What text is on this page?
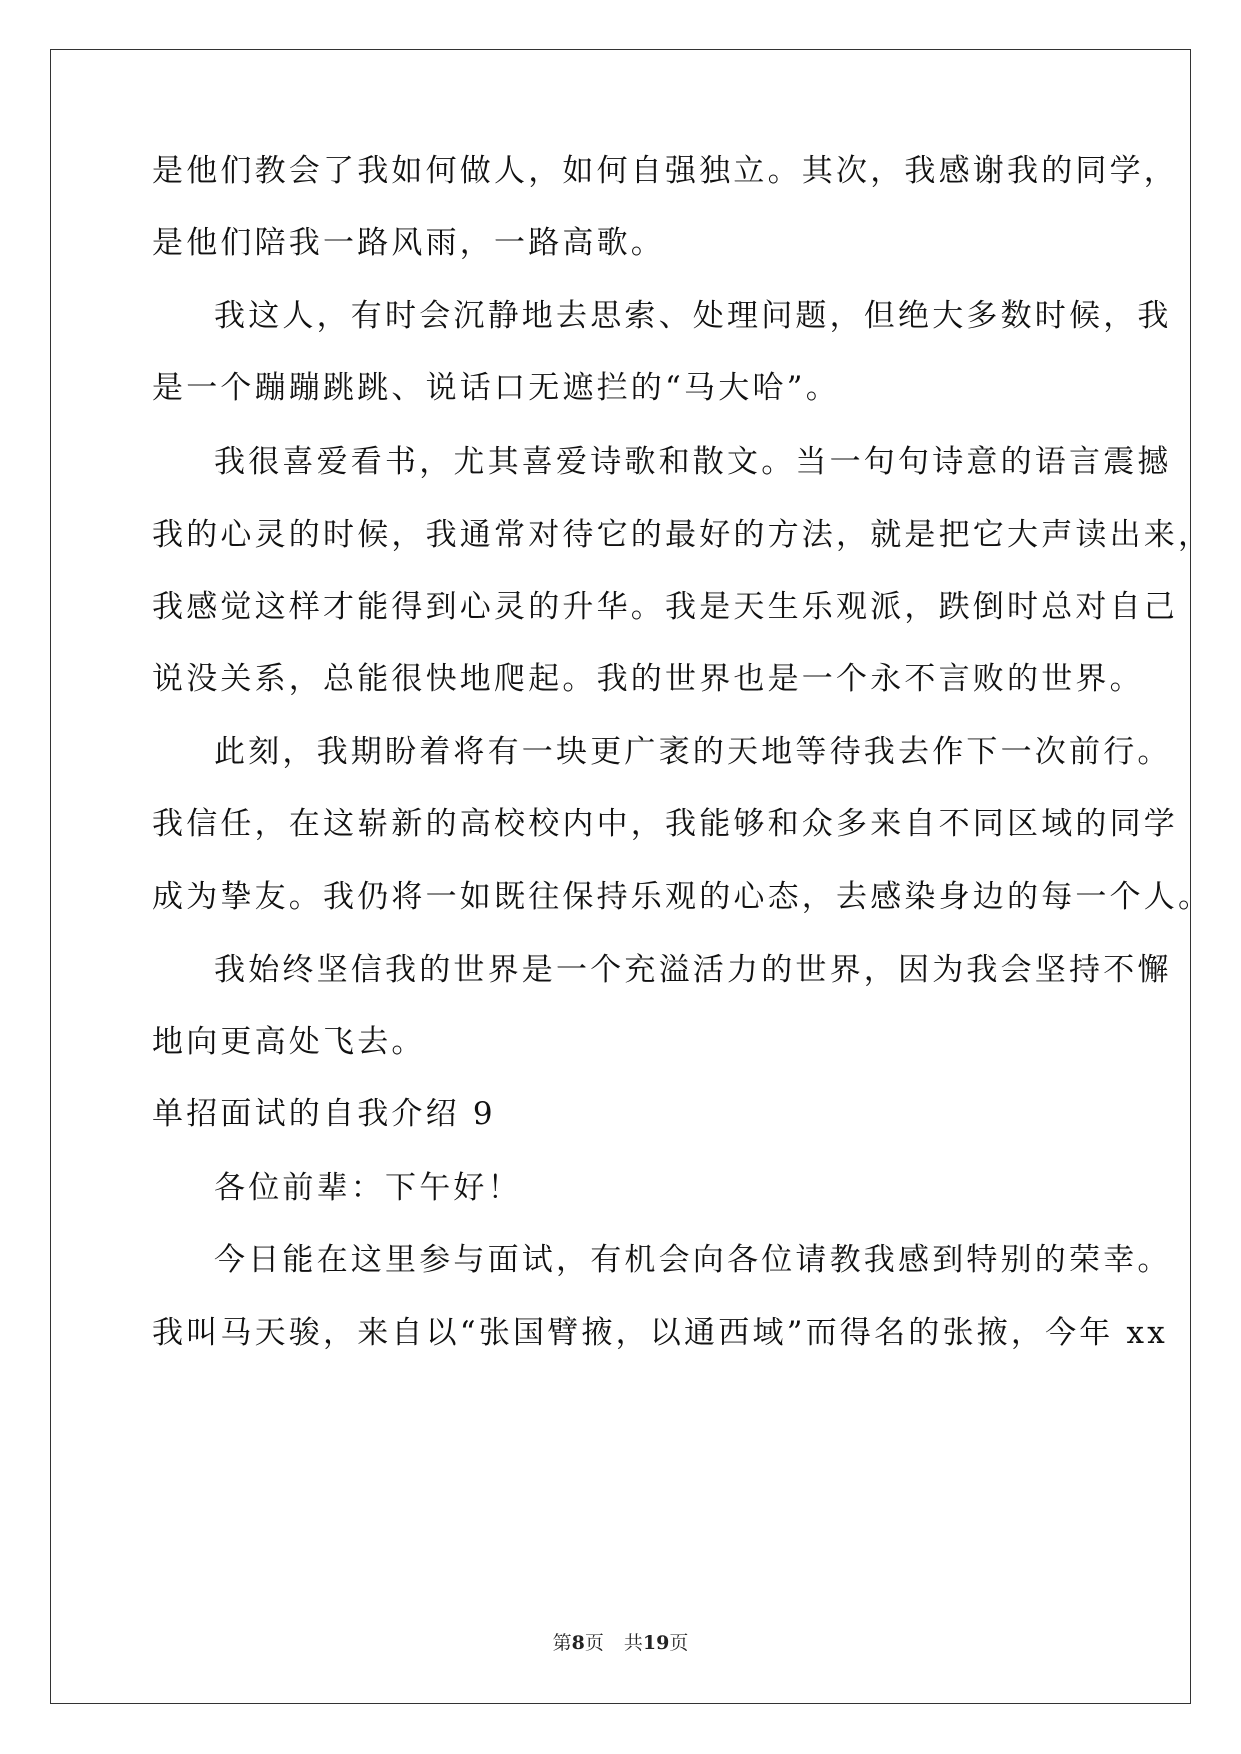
是他们教会了我如何做人，如何自强独立。其次，我感谢我的同学，
是他们陪我一路风雨，一路高歌。
我这人，有时会沉静地去思索、处理问题，但绝大多数时候，我
是一个蹦蹦跳跳、说话口无遮拦的“马大哈”。
我很喜爱看书，尤其喜爱诗歌和散文。当一句句诗意的语言震撼
我的心灵的时候，我通常对待它的最好的方法，就是把它大声读出来，
我感觉这样才能得到心灵的升华。我是天生乐观派，跌倒时总对自己
说没关系，总能很快地爬起。我的世界也是一个永不言败的世界。
此刻，我期盼着将有一块更广袤的天地等待我去作下一次前行。
我信任，在这崭新的高校校内中，我能够和众多来自不同区域的同学
成为挚友。我仍将一如既往保持乐观的心态，去感染身边的每一个人。
我始终坚信我的世界是一个充溢活力的世界，因为我会坚持不懈
地向更高处飞去。
单招面试的自我介绍 9
各位前辈：下午好！
今日能在这里参与面试，有机会向各位请教我感到特别的荣幸。
我叫马天骏，来自以“张国臂掖，以通西域”而得名的张掖，今年 xx
第8页 共19页
